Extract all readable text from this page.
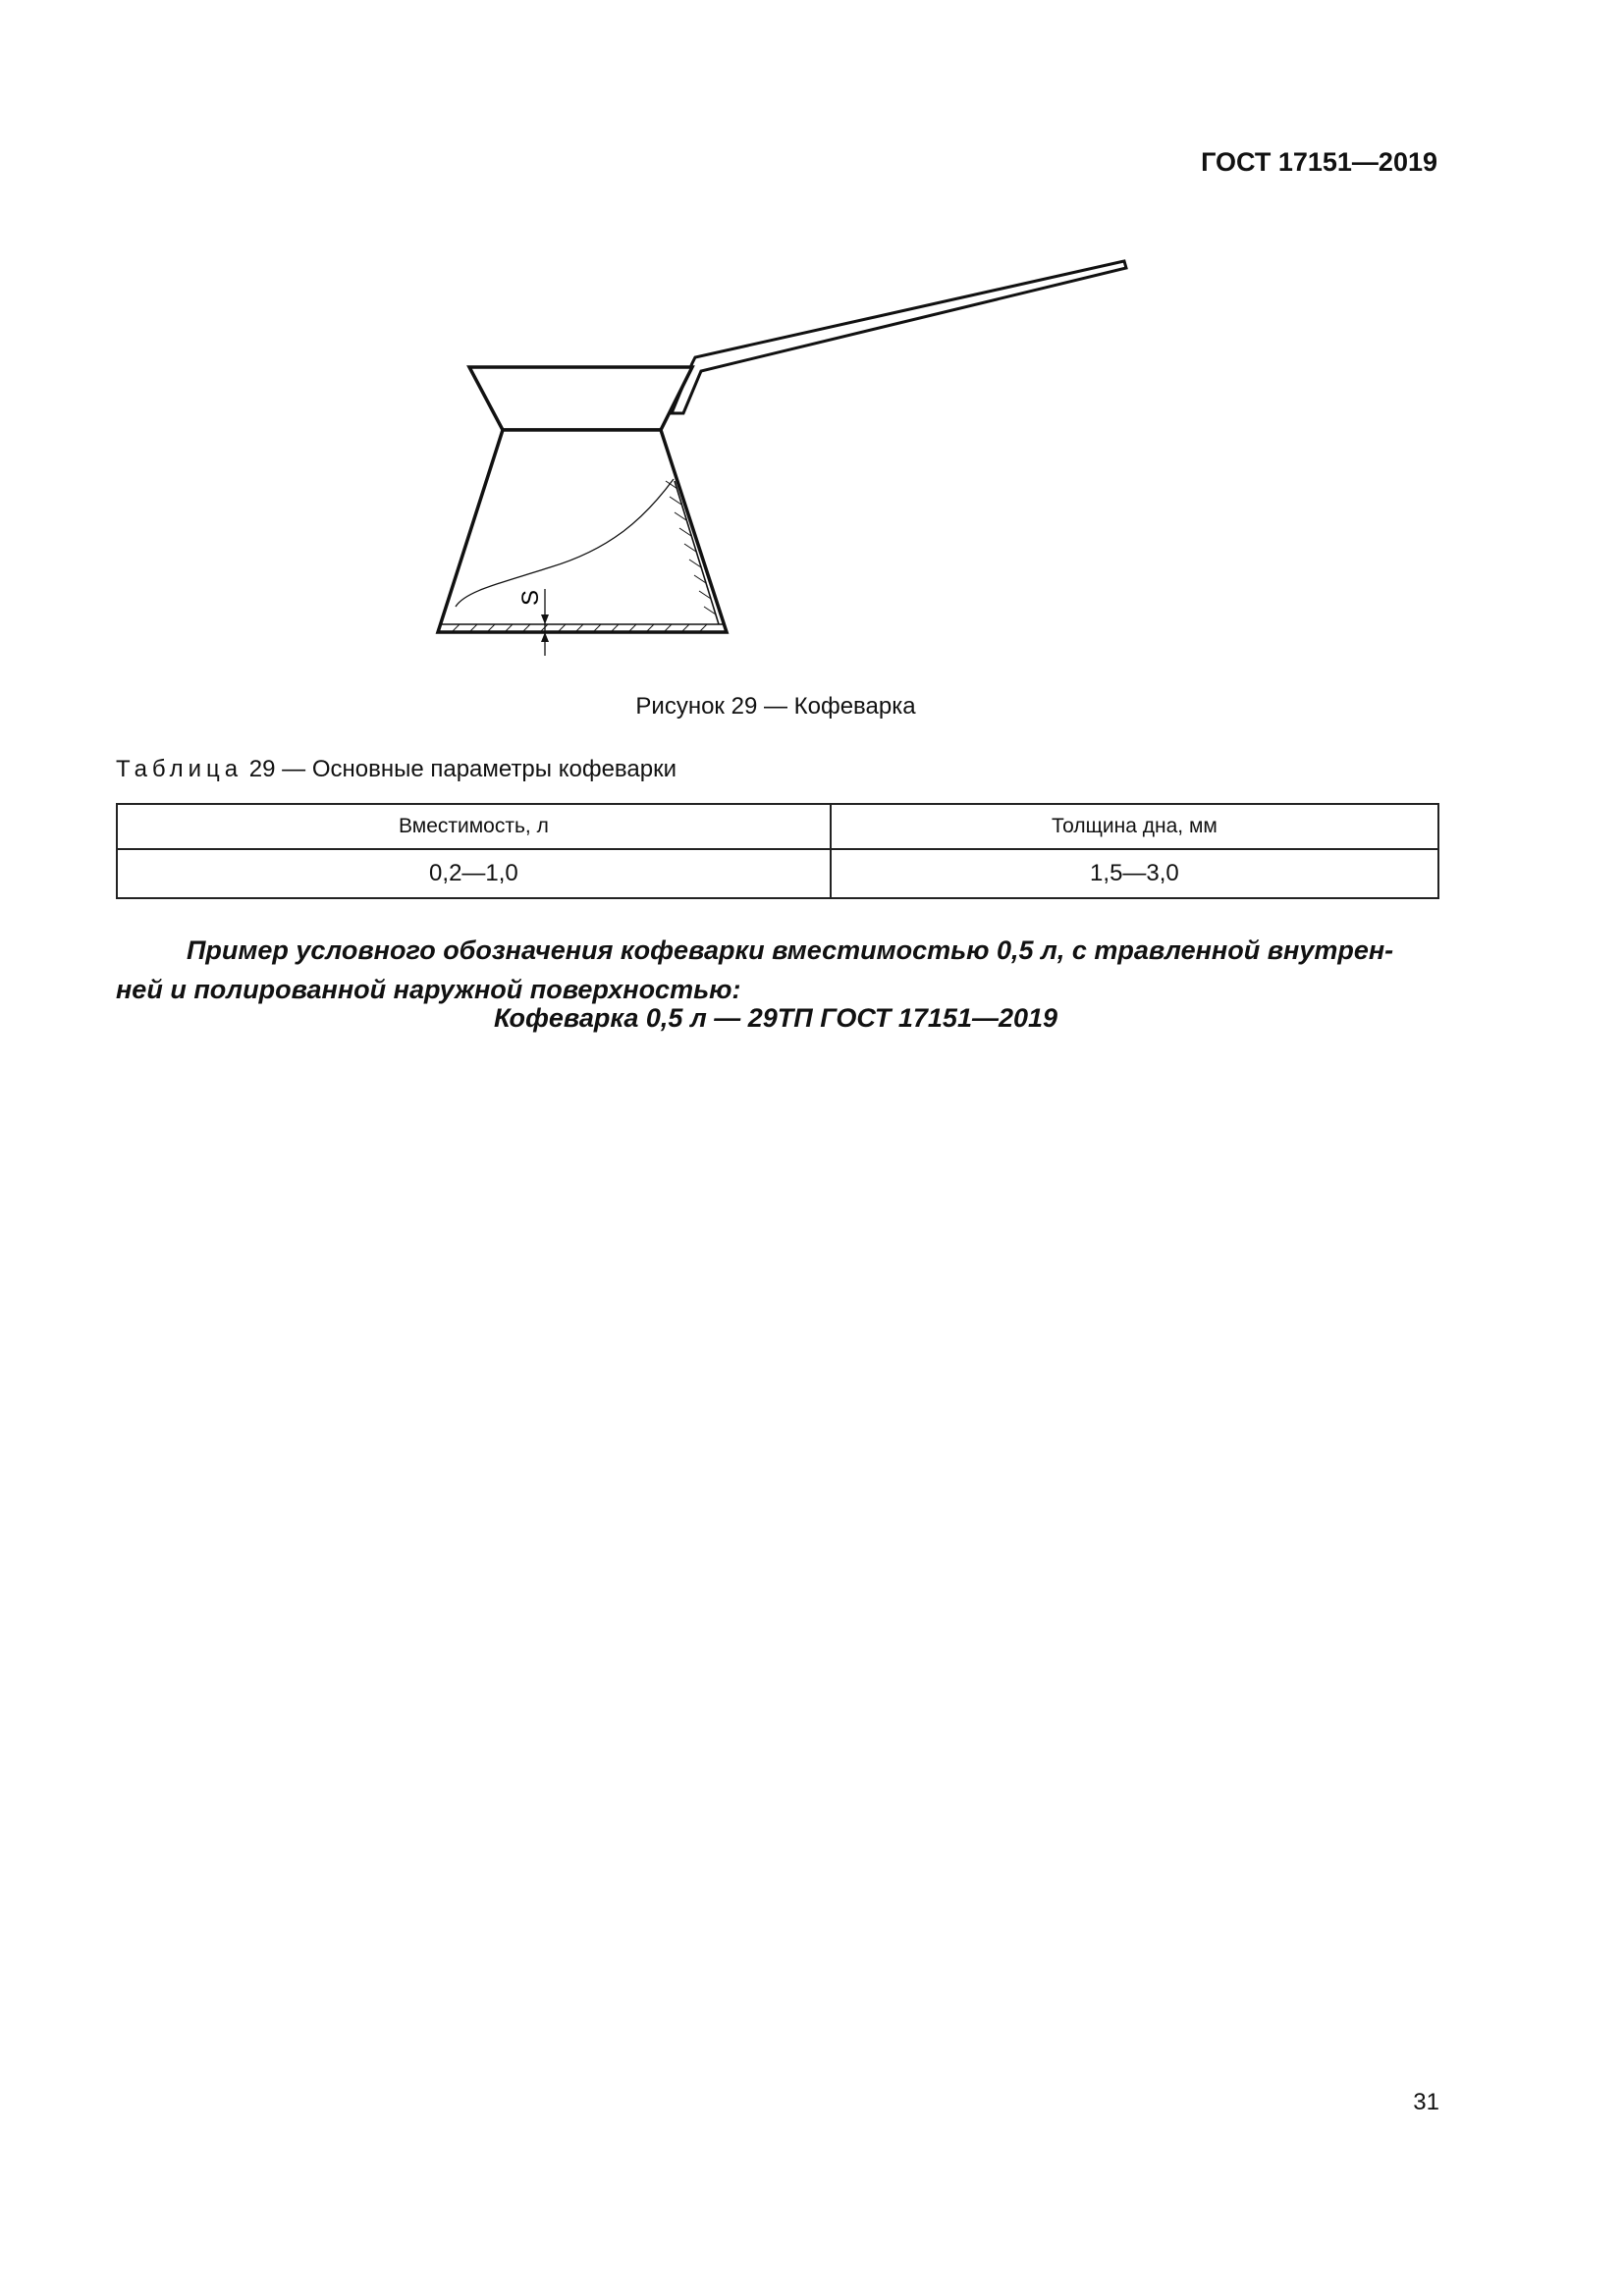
ГОСТ 17151—2019
S
Рисунок 29 — Кофеварка
Таблица 29 — Основные параметры кофеварки
Вместимость, л	Толщина дна, мм
0,2—1,0	1,5—3,0
Пример условного обозначения кофеварки вместимостью 0,5 л, с травленной внутрен-
ней и полированной наружной поверхностью:
Кофеварка 0,5 л — 29ТП ГОСТ 17151—2019
31
